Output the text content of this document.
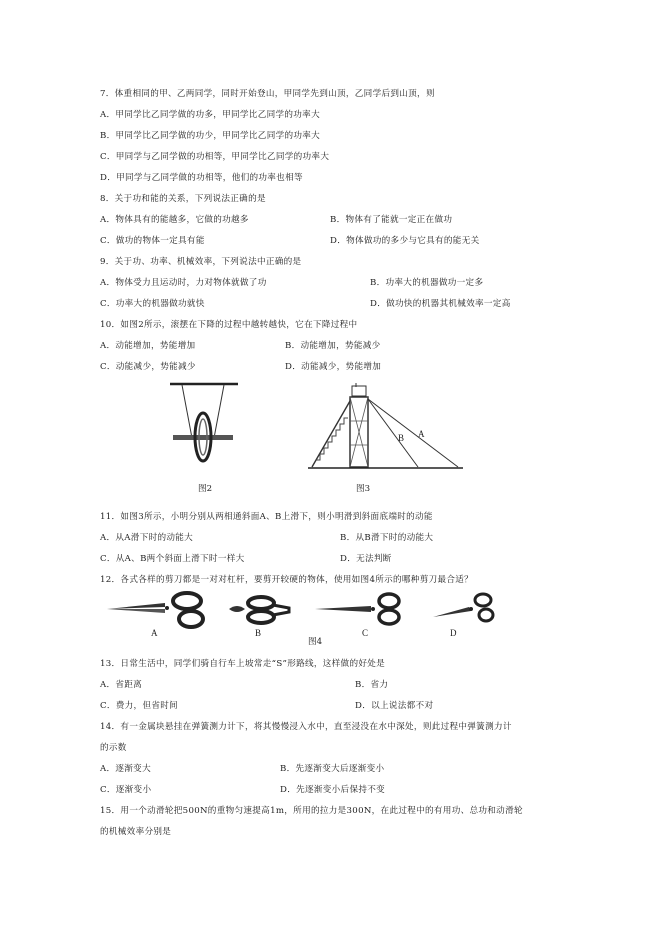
7．体重相同的甲、乙两同学，同时开始登山，甲同学先到山顶，乙同学后到山顶，则
A．甲同学比乙同学做的功多，甲同学比乙同学的功率大
B．甲同学比乙同学做的功少，甲同学比乙同学的功率大
C．甲同学与乙同学做的功相等，甲同学比乙同学的功率大
D．甲同学与乙同学做的功相等，他们的功率也相等
8．关于功和能的关系，下列说法正确的是
A．物体具有的能越多，它做的功越多	B．物体有了能就一定正在做功
C．做功的物体一定具有能	D．物体做功的多少与它具有的能无关
9．关于功、功率、机械效率，下列说法中正确的是
A．物体受力且运动时，力对物体就做了功	B．功率大的机器做功一定多
C．功率大的机器做功就快	D．做功快的机器其机械效率一定高
10．如图2所示，滚摆在下降的过程中越转越快，它在下降过程中
A．动能增加，势能增加	B．动能增加，势能减少
C．动能减少，势能减少	D．动能减少，势能增加
图2
B A
图3
11．如图3所示，小明分别从两相通斜面A、B上滑下，则小明滑到斜面底端时的动能
A．从A滑下时的动能大	B．从B滑下时的动能大
C．从A、B两个斜面上滑下时一样大	D．无法判断
12．各式各样的剪刀都是一对对杠杆，要剪开较硬的物体，使用如图4所示的哪种剪刀最合适？
A	B	C	D
图4
13．日常生活中，同学们骑自行车上坡常走“S”形路线，这样做的好处是
A．省距离	B．省力
C．费力，但省时间	D．以上说法都不对
14．有一金属块悬挂在弹簧测力计下，将其慢慢浸入水中，直至浸没在水中深处，则此过程中弹簧测力计
的示数
A．逐渐变大	B．先逐渐变大后逐渐变小
C．逐渐变小	D．先逐渐变小后保持不变
15．用一个动滑轮把500N的重物匀速提高1m，所用的拉力是300N，在此过程中的有用功、总功和动滑轮
的机械效率分别是
